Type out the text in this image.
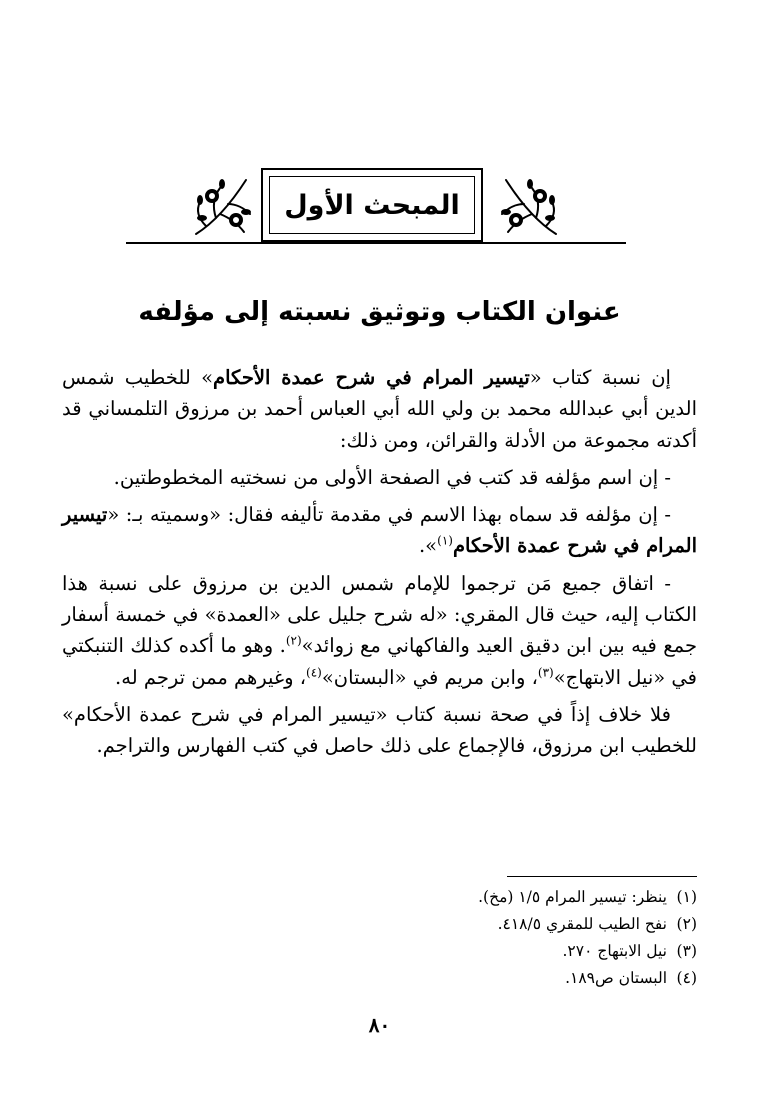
المبحث الأول
عنوان الكتاب وتوثيق نسبته إلى مؤلفه

إن نسبة كتاب «تيسير المرام في شرح عمدة الأحكام» للخطيب شمس الدين أبي عبدالله محمد بن ولي الله أبي العباس أحمد بن مرزوق التلمساني قد أكدته مجموعة من الأدلة والقرائن، ومن ذلك:

- إن اسم مؤلفه قد كتب في الصفحة الأولى من نسختيه المخطوطتين.

- إن مؤلفه قد سماه بهذا الاسم في مقدمة تأليفه فقال: «وسميته بـ: «تيسير المرام في شرح عمدة الأحكام$^{(١)}$».

- اتفاق جميع مَن ترجموا للإمام شمس الدين بن مرزوق على نسبة هذا الكتاب إليه، حيث قال المقري: «له شرح جليل على «العمدة» في خمسة أسفار جمع فيه بين ابن دقيق العيد والفاكهاني مع زوائد»$^{(٢)}$. وهو ما أكده كذلك التنبكتي في «نيل الابتهاج»$^{(٣)}$، وابن مريم في «البستان»$^{(٤)}$، وغيرهم ممن ترجم له.

فلا خلاف إذاً في صحة نسبة كتاب «تيسير المرام في شرح عمدة الأحكام» للخطيب ابن مرزوق، فالإجماع على ذلك حاصل في كتب الفهارس والتراجم.

(١)ينظر: تيسير المرام ١/٥ (مخ).
(٢)نفح الطيب للمقري ٤١٨/٥.
(٣)نيل الابتهاج ٢٧٠.
(٤)البستان ص١٨٩.
٨٠
